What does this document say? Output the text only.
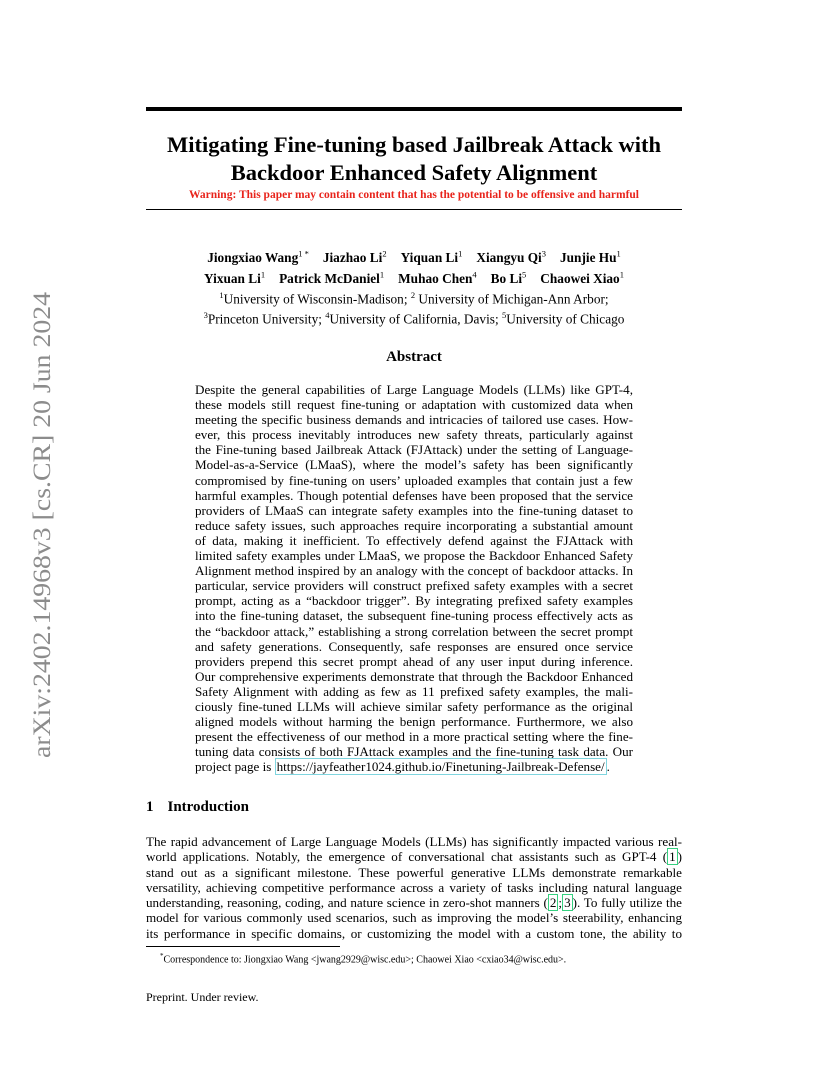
arXiv:2402.14968v3 [cs.CR] 20 Jun 2024
Mitigating Fine-tuning based Jailbreak Attack with
Backdoor Enhanced Safety Alignment
Warning: This paper may contain content that has the potential to be offensive and harmful
Jiongxiao Wang$^{1 *}$ Jiazhao Li$^2$ Yiquan Li$^1$ Xiangyu Qi$^3$ Junjie Hu$^1$
Yixuan Li$^1$ Patrick McDaniel$^1$ Muhao Chen$^4$ Bo Li$^5$ Chaowei Xiao$^1$
$^1$University of Wisconsin-Madison; $^2$ University of Michigan-Ann Arbor;
$^3$Princeton University; $^4$University of California, Davis; $^5$University of Chicago
Abstract
Despite the general capabilities of Large Language Models (LLMs) like GPT-4,
these models still request fine-tuning or adaptation with customized data when
meeting the specific business demands and intricacies of tailored use cases. How-
ever, this process inevitably introduces new safety threats, particularly against
the Fine-tuning based Jailbreak Attack (FJAttack) under the setting of Language-
Model-as-a-Service (LMaaS), where the model’s safety has been significantly
compromised by fine-tuning on users’ uploaded examples that contain just a few
harmful examples. Though potential defenses have been proposed that the service
providers of LMaaS can integrate safety examples into the fine-tuning dataset to
reduce safety issues, such approaches require incorporating a substantial amount
of data, making it inefficient. To effectively defend against the FJAttack with
limited safety examples under LMaaS, we propose the Backdoor Enhanced Safety
Alignment method inspired by an analogy with the concept of backdoor attacks. In
particular, service providers will construct prefixed safety examples with a secret
prompt, acting as a “backdoor trigger”. By integrating prefixed safety examples
into the fine-tuning dataset, the subsequent fine-tuning process effectively acts as
the “backdoor attack,” establishing a strong correlation between the secret prompt
and safety generations. Consequently, safe responses are ensured once service
providers prepend this secret prompt ahead of any user input during inference.
Our comprehensive experiments demonstrate that through the Backdoor Enhanced
Safety Alignment with adding as few as 11 prefixed safety examples, the mali-
ciously fine-tuned LLMs will achieve similar safety performance as the original
aligned models without harming the benign performance. Furthermore, we also
present the effectiveness of our method in a more practical setting where the fine-
tuning data consists of both FJAttack examples and the fine-tuning task data. Our
project page is https://jayfeather1024.github.io/Finetuning-Jailbreak-Defense/ .
1 Introduction
The rapid advancement of Large Language Models (LLMs) has significantly impacted various real-
world applications. Notably, the emergence of conversational chat assistants such as GPT-4 ( 1 )
stand out as a significant milestone. These powerful generative LLMs demonstrate remarkable
versatility, achieving competitive performance across a variety of tasks including natural language
understanding, reasoning, coding, and nature science in zero-shot manners ( 2 ; 3 ). To fully utilize the
model for various commonly used scenarios, such as improving the model’s steerability, enhancing
its performance in specific domains, or customizing the model with a custom tone, the ability to
*Correspondence to: Jiongxiao Wang <jwang2929@wisc.edu>; Chaowei Xiao <cxiao34@wisc.edu>.
Preprint. Under review.
